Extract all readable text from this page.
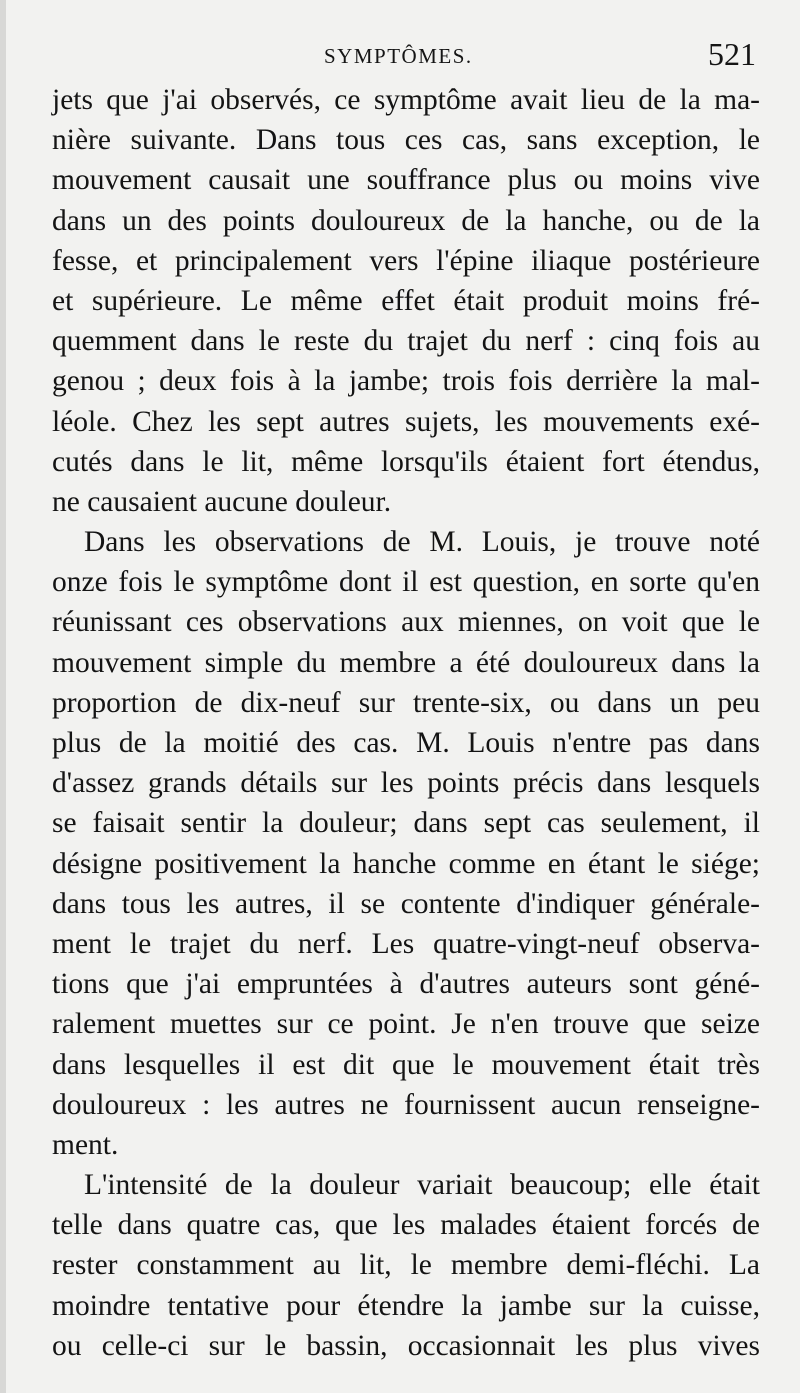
SYMPTÔMES.	521
jets que j'ai observés, ce symptôme avait lieu de la ma-
nière suivante. Dans tous ces cas, sans exception, le
mouvement causait une souffrance plus ou moins vive
dans un des points douloureux de la hanche, ou de la
fesse, et principalement vers l'épine iliaque postérieure
et supérieure. Le même effet était produit moins fré-
quemment dans le reste du trajet du nerf : cinq fois au
genou ; deux fois à la jambe; trois fois derrière la mal-
léole. Chez les sept autres sujets, les mouvements exé-
cutés dans le lit, même lorsqu'ils étaient fort étendus,
ne causaient aucune douleur.
Dans les observations de M. Louis, je trouve noté
onze fois le symptôme dont il est question, en sorte qu'en
réunissant ces observations aux miennes, on voit que le
mouvement simple du membre a été douloureux dans la
proportion de dix-neuf sur trente-six, ou dans un peu
plus de la moitié des cas. M. Louis n'entre pas dans
d'assez grands détails sur les points précis dans lesquels
se faisait sentir la douleur; dans sept cas seulement, il
désigne positivement la hanche comme en étant le siége;
dans tous les autres, il se contente d'indiquer générale-
ment le trajet du nerf. Les quatre-vingt-neuf observa-
tions que j'ai empruntées à d'autres auteurs sont géné-
ralement muettes sur ce point. Je n'en trouve que seize
dans lesquelles il est dit que le mouvement était très
douloureux : les autres ne fournissent aucun renseigne-
ment.
L'intensité de la douleur variait beaucoup; elle était
telle dans quatre cas, que les malades étaient forcés de
rester constamment au lit, le membre demi-fléchi. La
moindre tentative pour étendre la jambe sur la cuisse,
ou celle-ci sur le bassin, occasionnait les plus vives
